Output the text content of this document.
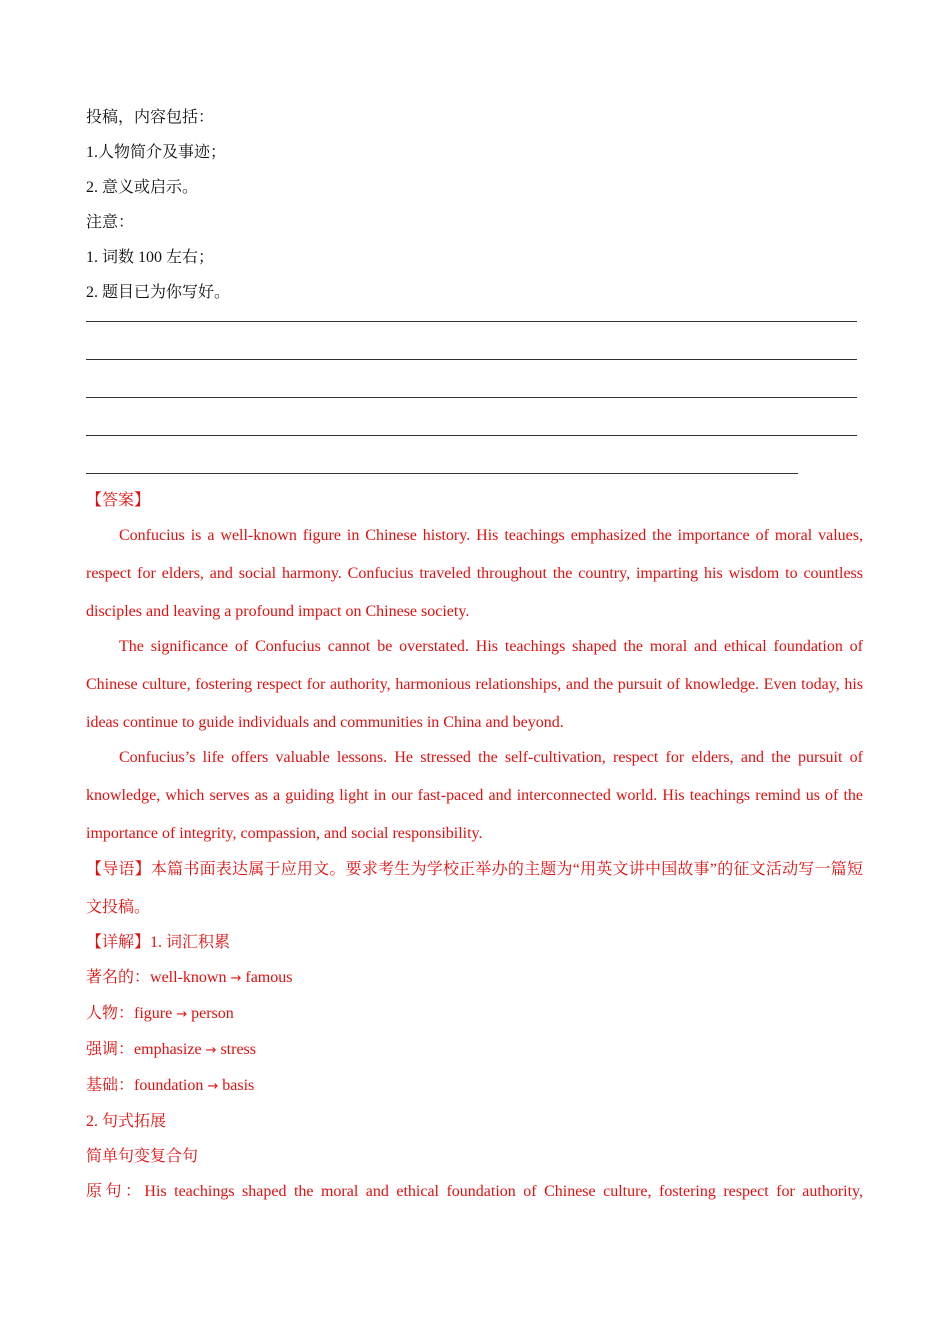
投稿，内容包括：
1.人物简介及事迹；
2. 意义或启示。
注意：
1. 词数 100 左右；
2. 题目已为你写好。
【答案】
Confucius is a well-known figure in Chinese history. His teachings emphasized the importance of moral values, respect for elders, and social harmony. Confucius traveled throughout the country, imparting his wisdom to countless disciples and leaving a profound impact on Chinese society.
The significance of Confucius cannot be overstated. His teachings shaped the moral and ethical foundation of Chinese culture, fostering respect for authority, harmonious relationships, and the pursuit of knowledge. Even today, his ideas continue to guide individuals and communities in China and beyond.
Confucius’s life offers valuable lessons. He stressed the self-cultivation, respect for elders, and the pursuit of knowledge, which serves as a guiding light in our fast-paced and interconnected world. His teachings remind us of the importance of integrity, compassion, and social responsibility.
【导语】本篇书面表达属于应用文。要求考生为学校正举办的主题为“用英文讲中国故事”的征文活动写一篇短文投稿。
【详解】1. 词汇积累
著名的：well-known → famous
人物：figure → person
强调：emphasize → stress
基础：foundation → basis
2. 句式拓展
简单句变复合句
原句：His teachings shaped the moral and ethical foundation of Chinese culture, fostering respect for authority,
